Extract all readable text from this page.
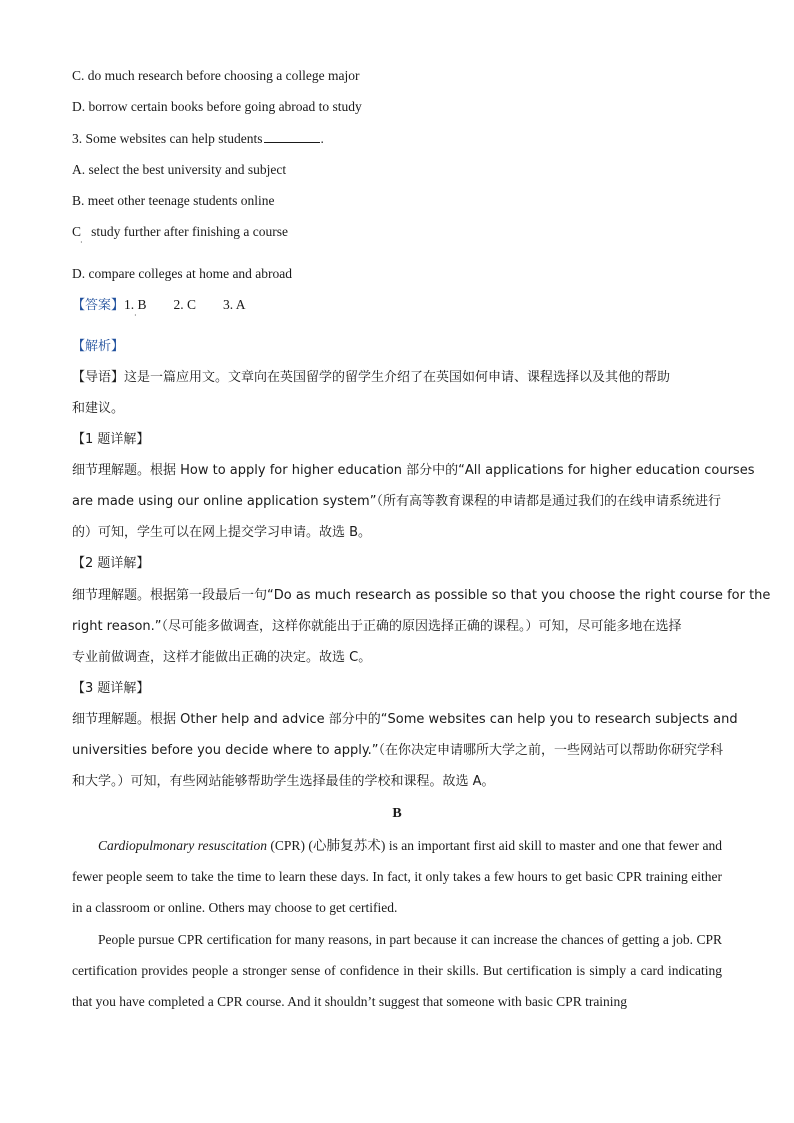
C. do much research before choosing a college major
D. borrow certain books before going abroad to study
3. Some websites can help students	.
A. select the best university and subject
B. meet other teenage students online
C study further after finishing a course
·
D. compare colleges at home and abroad
【答案】1. B        2. C        3. A
·
【解析】
【导语】这是一篇应用文。文章向在英国留学的留学生介绍了在英国如何申请、课程选择以及其他的帮助
和建议。
【1 题详解】
细节理解题。根据 How to apply for higher education 部分中的“All applications for higher education courses
are made using our online application system”（所有高等教育课程的申请都是通过我们的在线申请系统进行
的）可知，学生可以在网上提交学习申请。故选 B。
【2 题详解】
细节理解题。根据第一段最后一句“Do as much research as possible so that you choose the right course for the
right reason.”（尽可能多做调查，这样你就能出于正确的原因选择正确的课程。）可知，尽可能多地在选择
专业前做调查，这样才能做出正确的决定。故选 C。
【3 题详解】
细节理解题。根据 Other help and advice 部分中的“Some websites can help you to research subjects and
universities before you decide where to apply.”（在你决定申请哪所大学之前，一些网站可以帮助你研究学科
和大学。）可知，有些网站能够帮助学生选择最佳的学校和课程。故选 A。
B
Cardiopulmonary resuscitation (CPR) (心肺复苏术) is an important first aid skill to master and one that fewer and fewer people seem to take the time to learn these days. In fact, it only takes a few hours to get basic CPR training either in a classroom or online. Others may choose to get certified.
People pursue CPR certification for many reasons, in part because it can increase the chances of getting a job. CPR certification provides people a stronger sense of confidence in their skills. But certification is simply a card indicating that you have completed a CPR course. And it shouldn’t suggest that someone with basic CPR training
